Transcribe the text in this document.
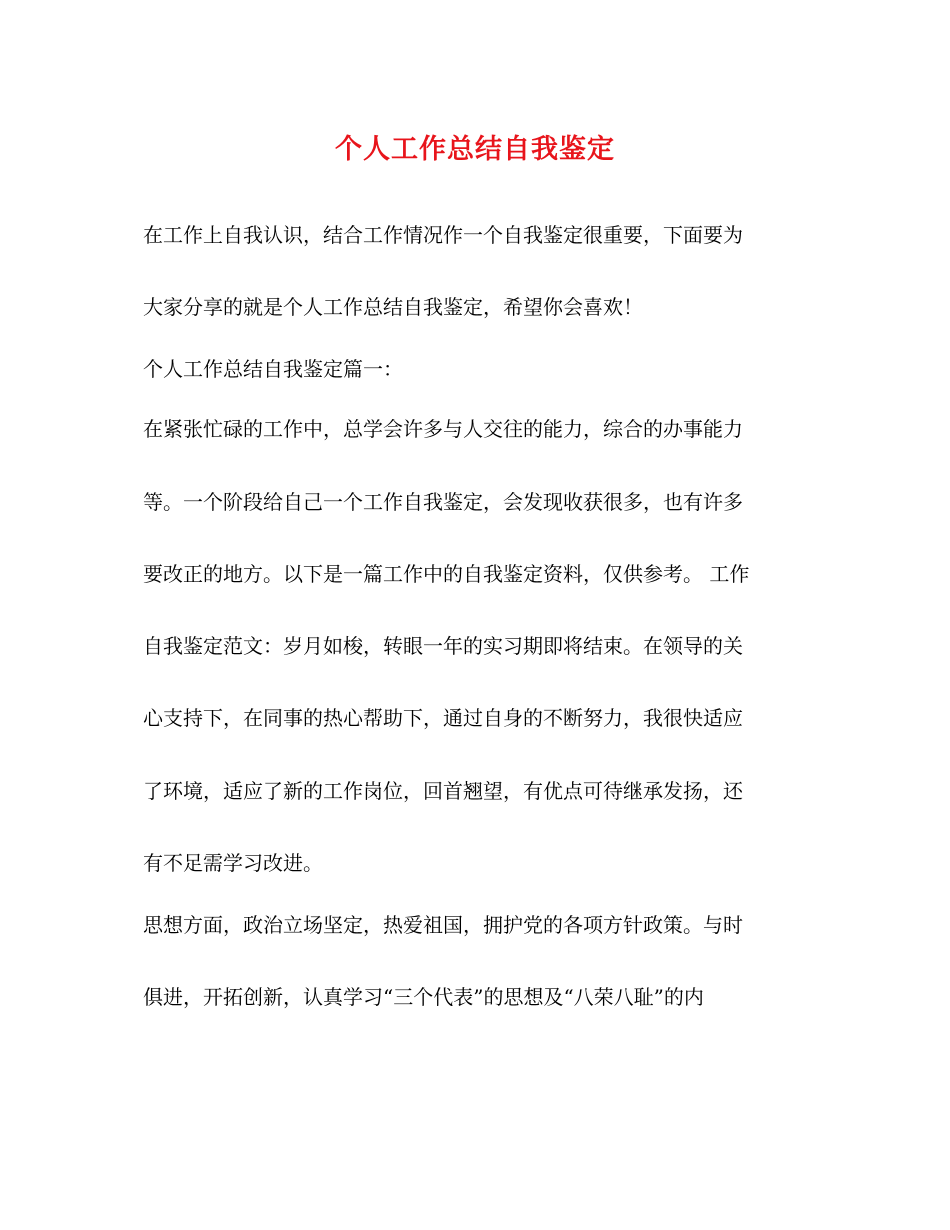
个人工作总结自我鉴定

在工作上自我认识，结合工作情况作一个自我鉴定很重要，下面要为

大家分享的就是个人工作总结自我鉴定，希望你会喜欢！

个人工作总结自我鉴定篇一：

在紧张忙碌的工作中，总学会许多与人交往的能力，综合的办事能力

等。一个阶段给自己一个工作自我鉴定，会发现收获很多，也有许多

要改正的地方。以下是一篇工作中的自我鉴定资料，仅供参考。 工作

自我鉴定范文：岁月如梭，转眼一年的实习期即将结束。在领导的关

心支持下，在同事的热心帮助下，通过自身的不断努力，我很快适应

了环境，适应了新的工作岗位，回首翘望，有优点可待继承发扬，还

有不足需学习改进。

思想方面，政治立场坚定，热爱祖国，拥护党的各项方针政策。与时

俱进，开拓创新，认真学习“三个代表”的思想及“八荣八耻”的内
